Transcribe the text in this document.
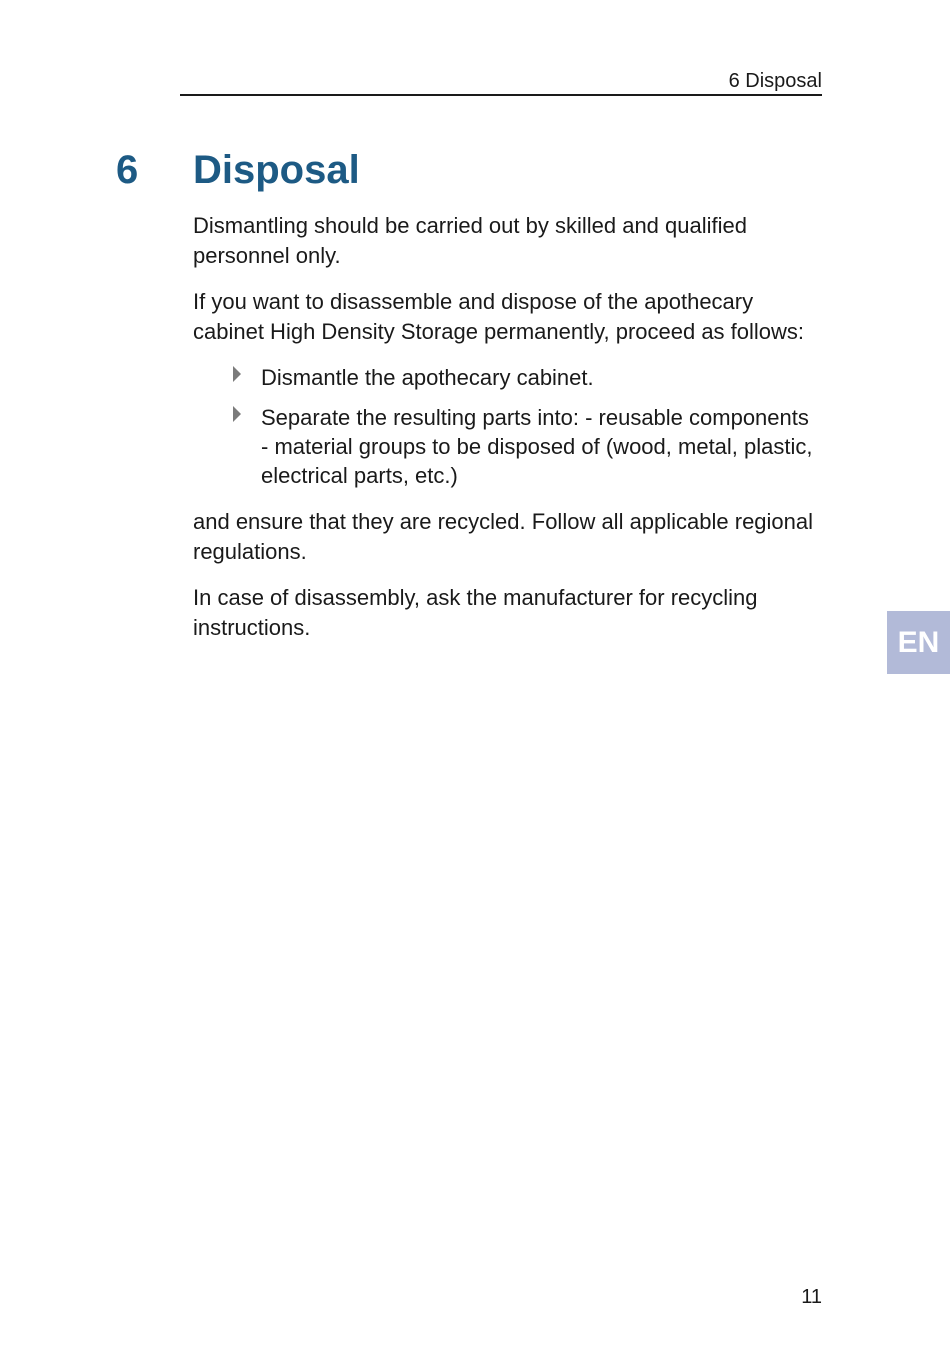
6 Disposal
6 Disposal
Dismantling should be carried out by skilled and qualified personnel only.
If you want to disassemble and dispose of the apothecary cabinet High Density Storage permanently, proceed as follows:
Dismantle the apothecary cabinet.
Separate the resulting parts into: - reusable components - material groups to be disposed of (wood, metal, plastic, electrical parts, etc.)
and ensure that they are recycled. Follow all applicable regional regulations.
In case of disassembly, ask the manufacturer for recycling instructions.	EN
11
